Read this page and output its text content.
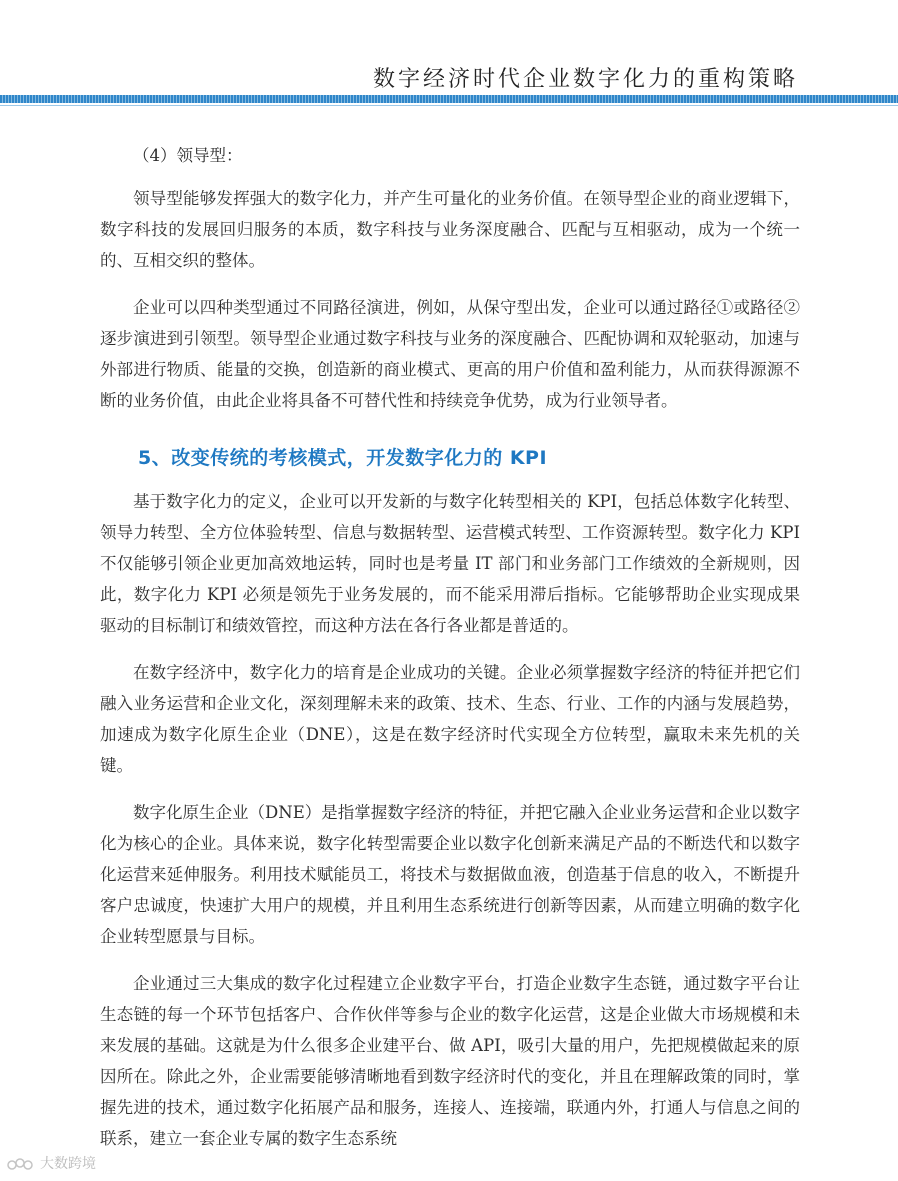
数字经济时代企业数字化力的重构策略

（4）领导型：

领导型能够发挥强大的数字化力，并产生可量化的业务价值。在领导型企业的商业逻辑下，数字科技的发展回归服务的本质，数字科技与业务深度融合、匹配与互相驱动，成为一个统一的、互相交织的整体。

企业可以四种类型通过不同路径演进，例如，从保守型出发，企业可以通过路径①或路径②逐步演进到引领型。领导型企业通过数字科技与业务的深度融合、匹配协调和双轮驱动，加速与外部进行物质、能量的交换，创造新的商业模式、更高的用户价值和盈利能力，从而获得源源不断的业务价值，由此企业将具备不可替代性和持续竞争优势，成为行业领导者。

5、改变传统的考核模式，开发数字化力的 KPI

基于数字化力的定义，企业可以开发新的与数字化转型相关的 KPI，包括总体数字化转型、领导力转型、全方位体验转型、信息与数据转型、运营模式转型、工作资源转型。数字化力 KPI 不仅能够引领企业更加高效地运转，同时也是考量 IT 部门和业务部门工作绩效的全新规则，因此，数字化力 KPI 必须是领先于业务发展的，而不能采用滞后指标。它能够帮助企业实现成果驱动的目标制订和绩效管控，而这种方法在各行各业都是普适的。

在数字经济中，数字化力的培育是企业成功的关键。企业必须掌握数字经济的特征并把它们融入业务运营和企业文化，深刻理解未来的政策、技术、生态、行业、工作的内涵与发展趋势，加速成为数字化原生企业（DNE），这是在数字经济时代实现全方位转型，赢取未来先机的关键。

数字化原生企业（DNE）是指掌握数字经济的特征，并把它融入企业业务运营和企业以数字化为核心的企业。具体来说，数字化转型需要企业以数字化创新来满足产品的不断迭代和以数字化运营来延伸服务。利用技术赋能员工，将技术与数据做血液，创造基于信息的收入，不断提升客户忠诚度，快速扩大用户的规模，并且利用生态系统进行创新等因素，从而建立明确的数字化企业转型愿景与目标。

企业通过三大集成的数字化过程建立企业数字平台，打造企业数字生态链，通过数字平台让生态链的每一个环节包括客户、合作伙伴等参与企业的数字化运营，这是企业做大市场规模和未来发展的基础。这就是为什么很多企业建平台、做 API，吸引大量的用户，先把规模做起来的原因所在。除此之外，企业需要能够清晰地看到数字经济时代的变化，并且在理解政策的同时，掌握先进的技术，通过数字化拓展产品和服务，连接人、连接端，联通内外，打通人与信息之间的联系，建立一套企业专属的数字生态系统

大数跨境
